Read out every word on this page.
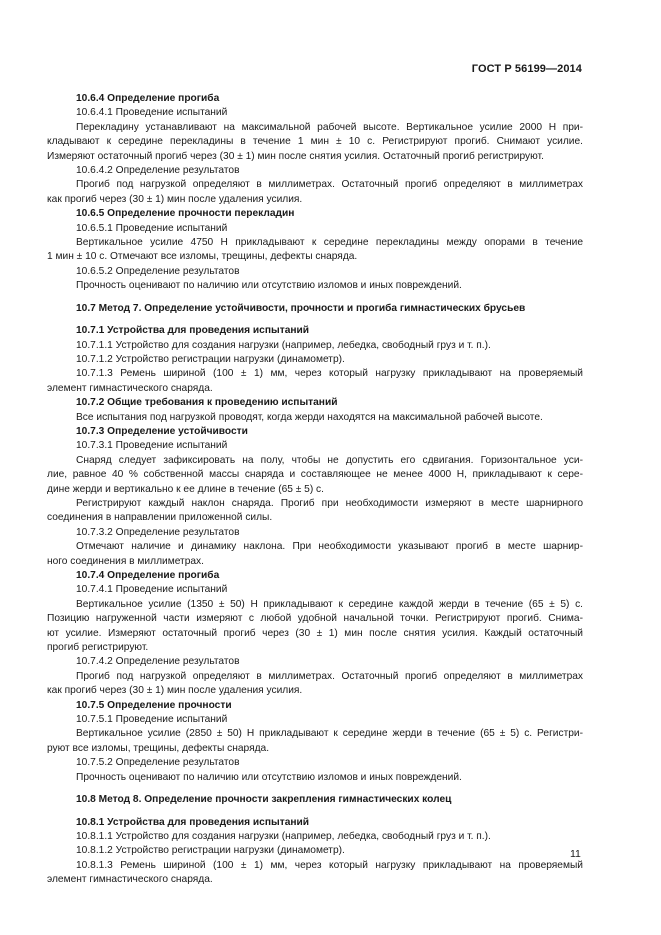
ГОСТ Р 56199—2014

10.6.4 Определение прогиба

10.6.4.1 Проведение испытаний

Перекладину устанавливают на максимальной рабочей высоте. Вертикальное усилие 2000 Н при-
кладывают к середине перекладины в течение 1 мин ± 10 с. Регистрируют прогиб. Снимают усилие.
Измеряют остаточный прогиб через (30 ± 1) мин после снятия усилия. Остаточный прогиб регистрируют.

10.6.4.2 Определение результатов

Прогиб под нагрузкой определяют в миллиметрах. Остаточный прогиб определяют в миллиметрах
как прогиб через (30 ± 1) мин после удаления усилия.

10.6.5 Определение прочности перекладин

10.6.5.1 Проведение испытаний

Вертикальное усилие 4750 Н прикладывают к середине перекладины между опорами в течение
1 мин ± 10 с. Отмечают все изломы, трещины, дефекты снаряда.

10.6.5.2 Определение результатов

Прочность оценивают по наличию или отсутствию изломов и иных повреждений.

10.7 Метод 7. Определение устойчивости, прочности и прогиба гимнастических брусьев

10.7.1 Устройства для проведения испытаний

10.7.1.1 Устройство для создания нагрузки (например, лебедка, свободный груз и т. п.).

10.7.1.2 Устройство регистрации нагрузки (динамометр).

10.7.1.3 Ремень шириной (100 ± 1) мм, через который нагрузку прикладывают на проверяемый
элемент гимнастического снаряда.

10.7.2 Общие требования к проведению испытаний

Все испытания под нагрузкой проводят, когда жерди находятся на максимальной рабочей высоте.

10.7.3 Определение устойчивости

10.7.3.1 Проведение испытаний

Снаряд следует зафиксировать на полу, чтобы не допустить его сдвигания. Горизонтальное уси-
лие, равное 40 % собственной массы снаряда и составляющее не менее 4000 Н, прикладывают к сере-
дине жерди и вертикально к ее длине в течение (65 ± 5) с.

Регистрируют каждый наклон снаряда. Прогиб при необходимости измеряют в месте шарнирного
соединения в направлении приложенной силы.

10.7.3.2 Определение результатов

Отмечают наличие и динамику наклона. При необходимости указывают прогиб в месте шарнир-
ного соединения в миллиметрах.

10.7.4 Определение прогиба

10.7.4.1 Проведение испытаний

Вертикальное усилие (1350 ± 50) Н прикладывают к середине каждой жерди в течение (65 ± 5) с.
Позицию нагруженной части измеряют с любой удобной начальной точки. Регистрируют прогиб. Снима-
ют усилие. Измеряют остаточный прогиб через (30 ± 1) мин после снятия усилия. Каждый остаточный
прогиб регистрируют.

10.7.4.2 Определение результатов

Прогиб под нагрузкой определяют в миллиметрах. Остаточный прогиб определяют в миллиметрах
как прогиб через (30 ± 1) мин после удаления усилия.

10.7.5 Определение прочности

10.7.5.1 Проведение испытаний

Вертикальное усилие (2850 ± 50) Н прикладывают к середине жерди в течение (65 ± 5) с. Регистри-
руют все изломы, трещины, дефекты снаряда.

10.7.5.2 Определение результатов

Прочность оценивают по наличию или отсутствию изломов и иных повреждений.

10.8 Метод 8. Определение прочности закрепления гимнастических колец

10.8.1 Устройства для проведения испытаний

10.8.1.1 Устройство для создания нагрузки (например, лебедка, свободный груз и т. п.).

10.8.1.2 Устройство регистрации нагрузки (динамометр).

10.8.1.3 Ремень шириной (100 ± 1) мм, через который нагрузку прикладывают на проверяемый
элемент гимнастического снаряда.

11
